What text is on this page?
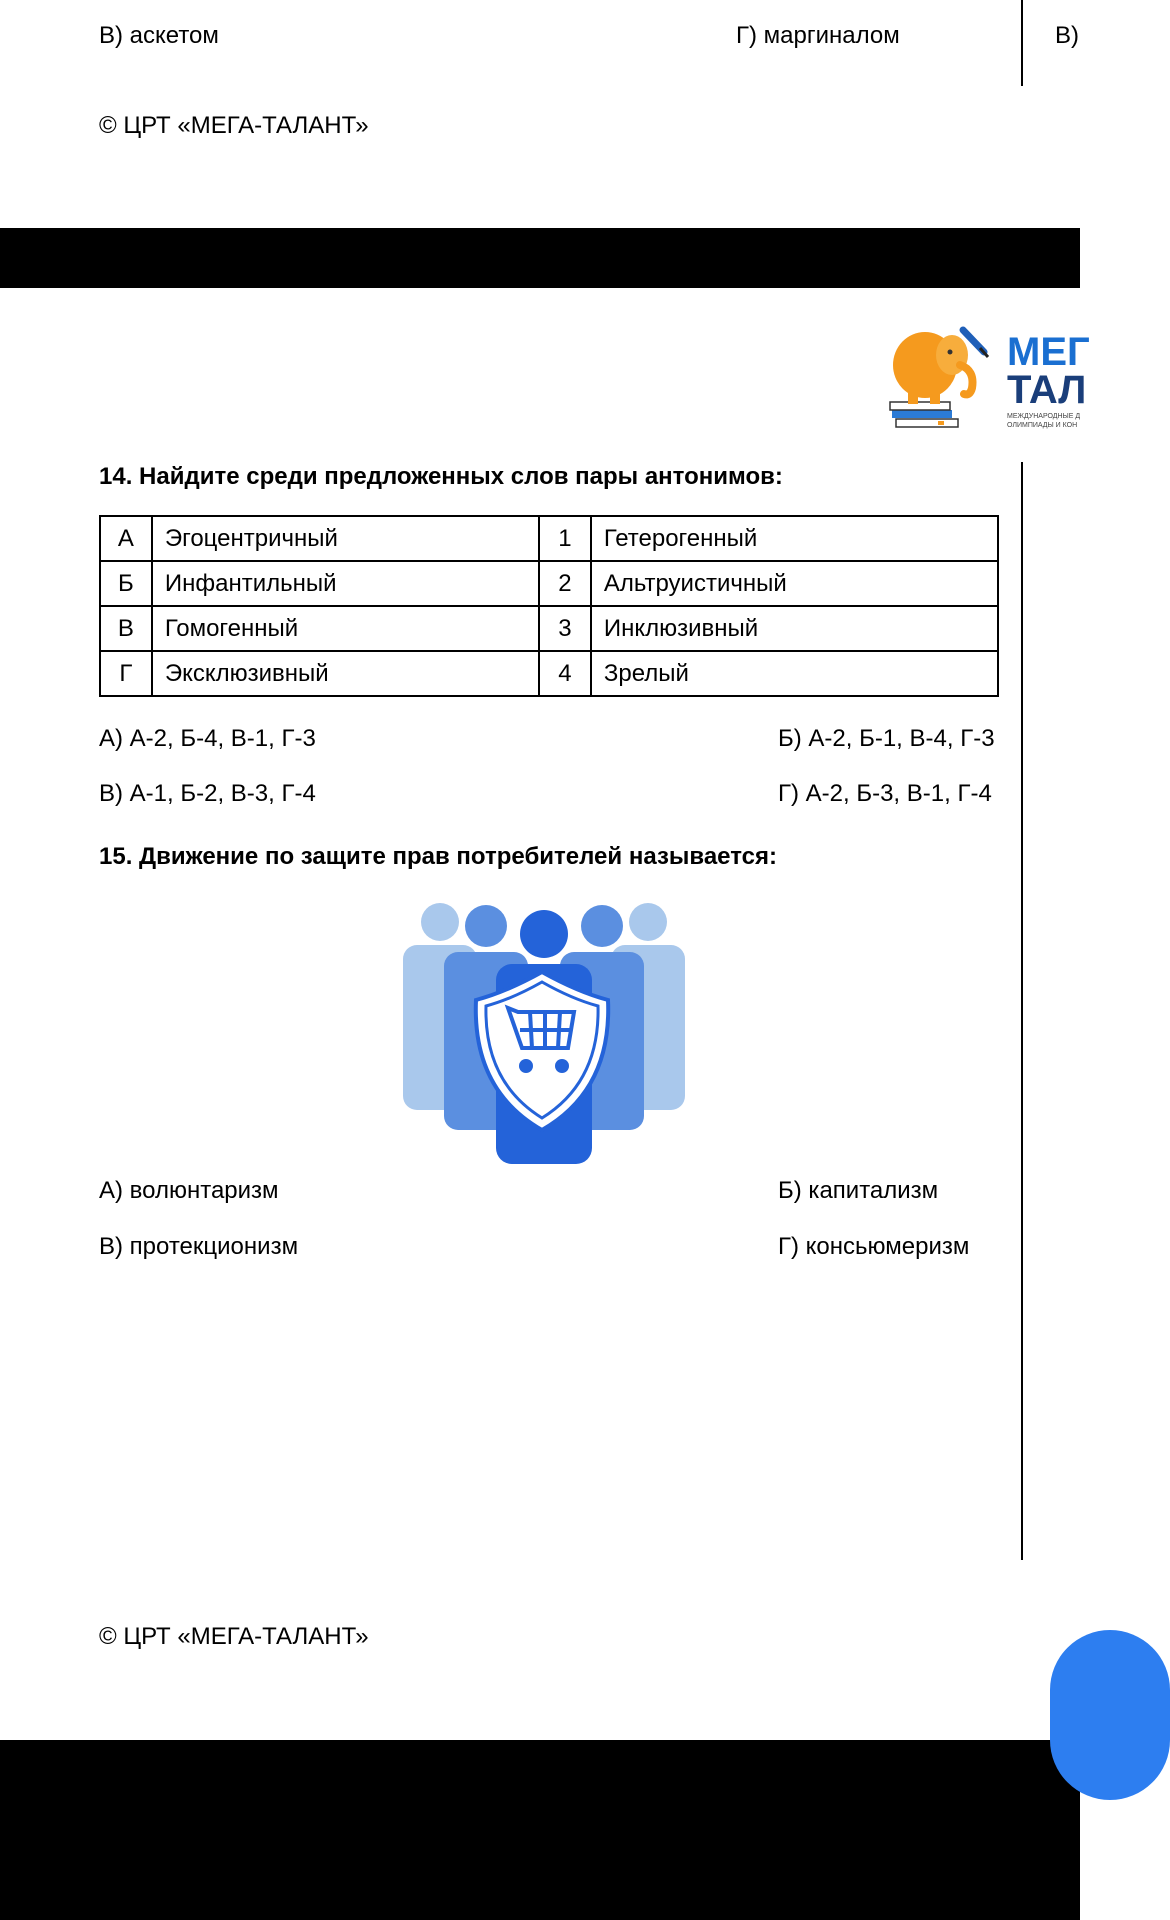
В) аскетом	Г) маргиналом	В)
© ЦРТ «МЕГА-ТАЛАНТ»
МЕГ
ТАЛ
МЕЖДУНАРОДНЫЕ Д
ОЛИМПИАДЫ И КОН
14. Найдите среди предложенных слов пары антонимов:
А	Эгоцентричный	1	Гетерогенный
Б	Инфантильный	2	Альтруистичный
В	Гомогенный	3	Инклюзивный
Г	Эксклюзивный	4	Зрелый
А) А-2, Б-4, В-1, Г-3	Б) А-2, Б-1, В-4, Г-3
В) А-1, Б-2, В-3, Г-4	Г) А-2, Б-3, В-1, Г-4
15. Движение по защите прав потребителей называется:
А) волюнтаризм	Б) капитализм
В) протекционизм	Г) консьюмеризм
© ЦРТ «МЕГА-ТАЛАНТ»
